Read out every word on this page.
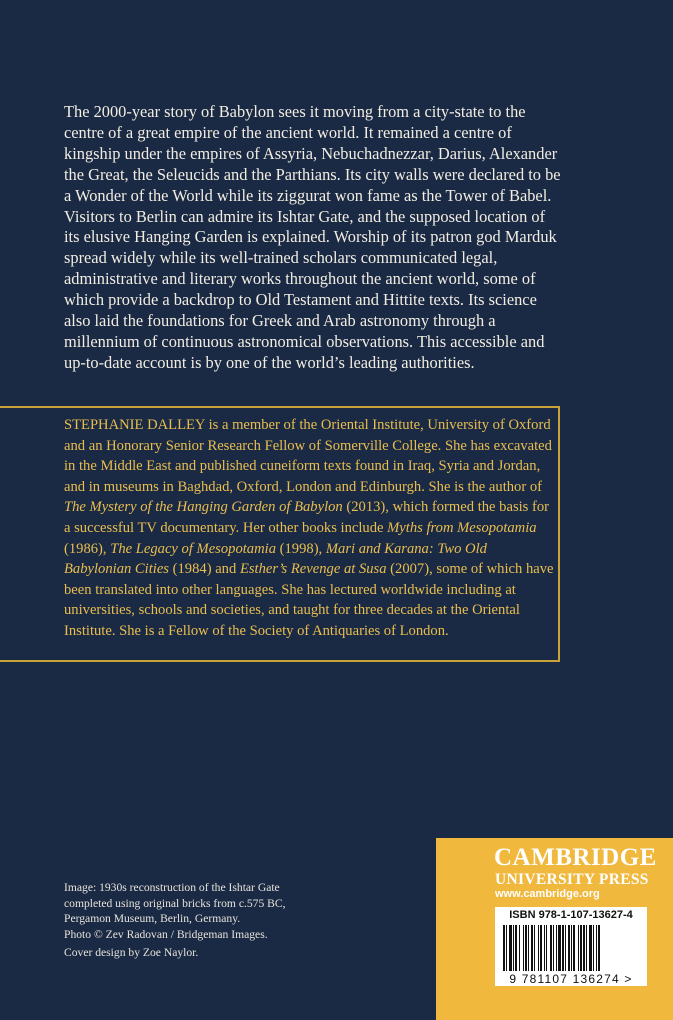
The 2000-year story of Babylon sees it moving from a city-state to the centre of a great empire of the ancient world. It remained a centre of kingship under the empires of Assyria, Nebuchadnezzar, Darius, Alexander the Great, the Seleucids and the Parthians. Its city walls were declared to be a Wonder of the World while its ziggurat won fame as the Tower of Babel. Visitors to Berlin can admire its Ishtar Gate, and the supposed location of its elusive Hanging Garden is explained. Worship of its patron god Marduk spread widely while its well-trained scholars communicated legal, administrative and literary works throughout the ancient world, some of which provide a backdrop to Old Testament and Hittite texts. Its science also laid the foundations for Greek and Arab astronomy through a millennium of continuous astronomical observations. This accessible and up-to-date account is by one of the world’s leading authorities.
STEPHANIE DALLEY is a member of the Oriental Institute, University of Oxford and an Honorary Senior Research Fellow of Somerville College. She has excavated in the Middle East and published cuneiform texts found in Iraq, Syria and Jordan, and in museums in Baghdad, Oxford, London and Edinburgh. She is the author of The Mystery of the Hanging Garden of Babylon (2013), which formed the basis for a successful TV documentary. Her other books include Myths from Mesopotamia (1986), The Legacy of Mesopotamia (1998), Mari and Karana: Two Old Babylonian Cities (1984) and Esther’s Revenge at Susa (2007), some of which have been translated into other languages. She has lectured worldwide including at universities, schools and societies, and taught for three decades at the Oriental Institute. She is a Fellow of the Society of Antiquaries of London.

Image: 1930s reconstruction of the Ishtar Gate

completed using original bricks from c.575 BC,

Pergamon Museum, Berlin, Germany.

Photo © Zev Radovan / Bridgeman Images.

Cover design by Zoe Naylor.
CAMBRIDGE
UNIVERSITY PRESS
www.cambridge.org
ISBN 978-1-107-13627-4
9 781107 136274 >
